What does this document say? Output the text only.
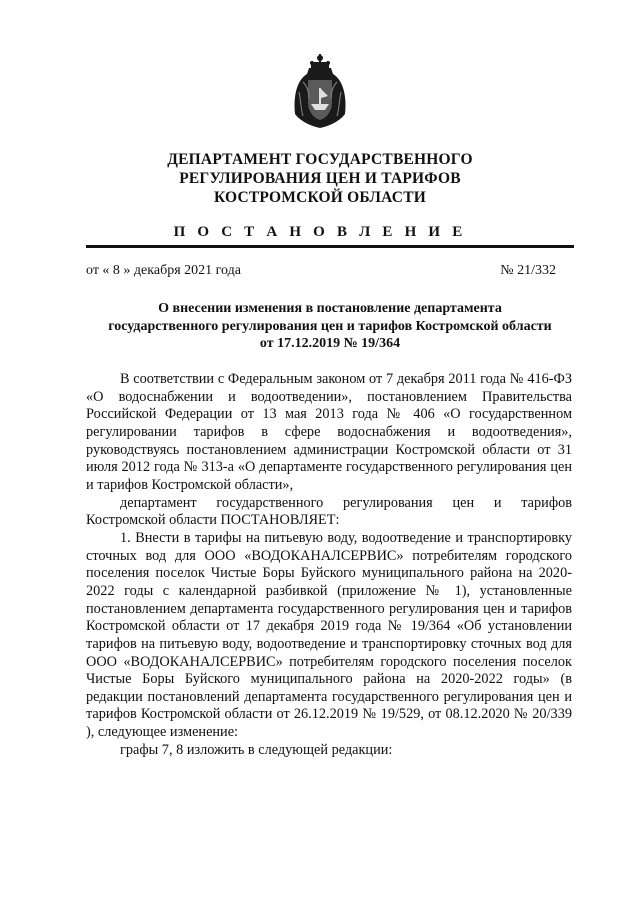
ДЕПАРТАМЕНТ ГОСУДАРСТВЕННОГО
РЕГУЛИРОВАНИЯ ЦЕН И ТАРИФОВ
КОСТРОМСКОЙ ОБЛАСТИ
П О С Т А Н О В Л Е Н И Е
от « 8 » декабря 2021 года	№ 21/332
О внесении изменения в постановление департамента
государственного регулирования цен и тарифов Костромской области
от 17.12.2019 № 19/364

В соответствии с Федеральным законом от 7 декабря 2011 года № 416-ФЗ «О водоснабжении и водоотведении», постановлением Правительства Российской Федерации от 13 мая 2013 года № 406 «О государственном регулировании тарифов в сфере водоснабжения и водоотведения», руководствуясь постановлением администрации Костромской области от 31 июля 2012 года № 313-а «О департаменте государственного регулирования цен и тарифов Костромской области»,

департамент государственного регулирования цен и тарифов Костромской области ПОСТАНОВЛЯЕТ:

1. Внести в тарифы на питьевую воду, водоотведение и транспортировку сточных вод для ООО «ВОДОКАНАЛСЕРВИС» потребителям городского поселения поселок Чистые Боры Буйского муниципального района на 2020-2022 годы с календарной разбивкой (приложение № 1), установленные постановлением департамента государственного регулирования цен и тарифов Костромской области от 17 декабря 2019 года № 19/364 «Об установлении тарифов на питьевую воду, водоотведение и транспортировку сточных вод для ООО «ВОДОКАНАЛСЕРВИС» потребителям городского поселения поселок Чистые Боры Буйского муниципального района на 2020-2022 годы» (в редакции постановлений департамента государственного регулирования цен и тарифов Костромской области от 26.12.2019 № 19/529, от 08.12.2020 № 20/339 ), следующее изменение:

графы 7, 8 изложить в следующей редакции:
